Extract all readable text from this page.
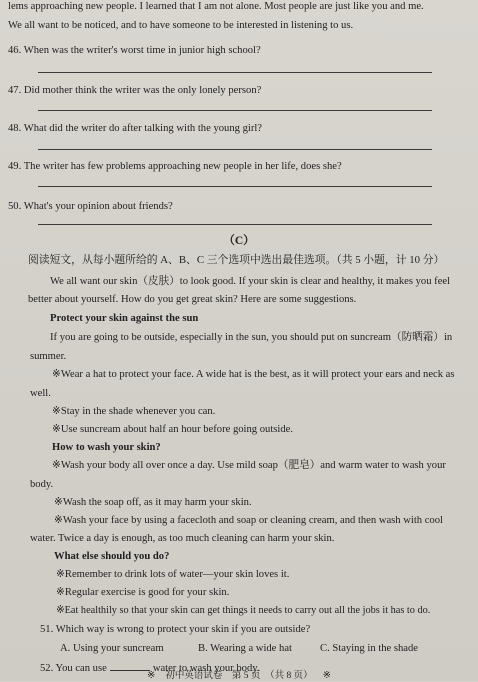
lems approaching new people. I learned that I am not alone. Most people are just like you and me.
We all want to be noticed, and to have someone to be interested in listening to us.
46. When was the writer's worst time in junior high school?
47. Did mother think the writer was the only lonely person?
48. What did the writer do after talking with the young girl?
49. The writer has few problems approaching new people in her life, does she?
50. What's your opinion about friends?
（C）
阅读短文，从每小题所给的 A、B、C 三个选项中选出最佳选项。（共 5 小题，计 10 分）
We all want our skin（皮肤）to look good. If your skin is clear and healthy, it makes you feel
better about yourself. How do you get great skin? Here are some suggestions.
Protect your skin against the sun
If you are going to be outside, especially in the sun, you should put on suncream（防晒霜）in
summer.
※Wear a hat to protect your face. A wide hat is the best, as it will protect your ears and neck as
well.
※Stay in the shade whenever you can.
※Use suncream about half an hour before going outside.
How to wash your skin?
※Wash your body all over once a day. Use mild soap（肥皂）and warm water to wash your
body.
※Wash the soap off, as it may harm your skin.
※Wash your face by using a facecloth and soap or cleaning cream, and then wash with cool
water. Twice a day is enough, as too much cleaning can harm your skin.
What else should you do?
※Remember to drink lots of water—your skin loves it.
※Regular exercise is good for your skin.
※Eat healthily so that your skin can get things it needs to carry out all the jobs it has to do.
51. Which way is wrong to protect your skin if you are outside?
A. Using your suncream	B. Wearing a wide hat	C. Staying in the shade
52. You can use	water to wash your body.
※ 初中英语试卷　第 5 页　（共 8 页） ※
